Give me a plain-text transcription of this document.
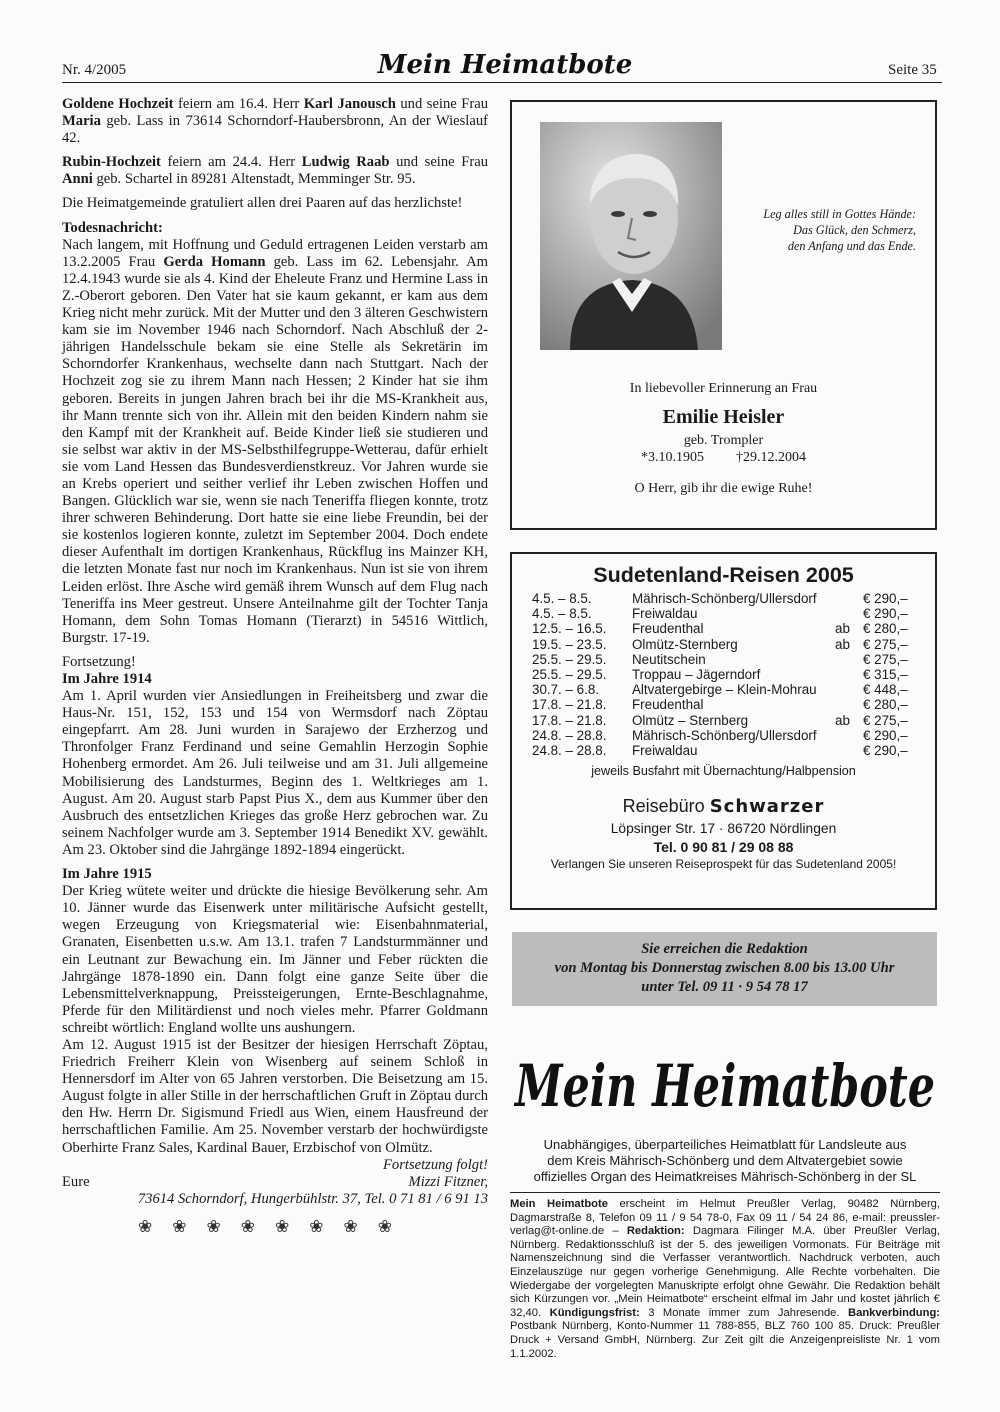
Nr. 4/2005	Mein Heimatbote	Seite 35

Goldene Hochzeit feiern am 16.4. Herr Karl Janousch und seine Frau Maria geb. Lass in 73614 Schorndorf-Haubersbronn, An der Wieslauf 42.

Rubin-Hochzeit feiern am 24.4. Herr Ludwig Raab und seine Frau Anni geb. Schartel in 89281 Altenstadt, Memminger Str. 95.

Die Heimatgemeinde gratuliert allen drei Paaren auf das herzlichste!

Todesnachricht:

Nach langem, mit Hoffnung und Geduld ertragenen Leiden verstarb am 13.2.2005 Frau Gerda Homann geb. Lass im 62. Lebensjahr. Am 12.4.1943 wurde sie als 4. Kind der Eheleute Franz und Hermine Lass in Z.-Oberort geboren. Den Vater hat sie kaum gekannt, er kam aus dem Krieg nicht mehr zurück. Mit der Mutter und den 3 älteren Geschwistern kam sie im November 1946 nach Schorndorf. Nach Abschluß der 2-jährigen Handelsschule bekam sie eine Stelle als Sekretärin im Schorndorfer Krankenhaus, wechselte dann nach Stuttgart. Nach der Hochzeit zog sie zu ihrem Mann nach Hessen; 2 Kinder hat sie ihm geboren. Bereits in jungen Jahren brach bei ihr die MS-Krankheit aus, ihr Mann trennte sich von ihr. Allein mit den beiden Kindern nahm sie den Kampf mit der Krankheit auf. Beide Kinder ließ sie studieren und sie selbst war aktiv in der MS-Selbsthilfegruppe-Wetterau, dafür erhielt sie vom Land Hessen das Bundesverdienstkreuz. Vor Jahren wurde sie an Krebs operiert und seither verlief ihr Leben zwischen Hoffen und Bangen. Glücklich war sie, wenn sie nach Teneriffa fliegen konnte, trotz ihrer schweren Behinderung. Dort hatte sie eine liebe Freundin, bei der sie kostenlos logieren konnte, zuletzt im September 2004. Doch endete dieser Aufenthalt im dortigen Krankenhaus, Rückflug ins Mainzer KH, die letzten Monate fast nur noch im Krankenhaus. Nun ist sie von ihrem Leiden erlöst. Ihre Asche wird gemäß ihrem Wunsch auf dem Flug nach Teneriffa ins Meer gestreut. Unsere Anteilnahme gilt der Tochter Tanja Homann, dem Sohn Tomas Homann (Tierarzt) in 54516 Wittlich, Burgstr. 17-19.

Fortsetzung!

Im Jahre 1914

Am 1. April wurden vier Ansiedlungen in Freiheitsberg und zwar die Haus-Nr. 151, 152, 153 und 154 von Wermsdorf nach Zöptau eingepfarrt. Am 28. Juni wurden in Sarajewo der Erzherzog und Thronfolger Franz Ferdinand und seine Gemahlin Herzogin Sophie Hohenberg ermordet. Am 26. Juli teilweise und am 31. Juli allgemeine Mobilisierung des Landsturmes, Beginn des 1. Weltkrieges am 1. August. Am 20. August starb Papst Pius X., dem aus Kummer über den Ausbruch des entsetzlichen Krieges das große Herz gebrochen war. Zu seinem Nachfolger wurde am 3. September 1914 Benedikt XV. gewählt. Am 23. Oktober sind die Jahrgänge 1892-1894 eingerückt.

Im Jahre 1915

Der Krieg wütete weiter und drückte die hiesige Bevölkerung sehr. Am 10. Jänner wurde das Eisenwerk unter militärische Aufsicht gestellt, wegen Erzeugung von Kriegsmaterial wie: Eisenbahnmaterial, Granaten, Eisenbetten u.s.w. Am 13.1. trafen 7 Landsturmmänner und ein Leutnant zur Bewachung ein. Im Jänner und Feber rückten die Jahrgänge 1878-1890 ein. Dann folgt eine ganze Seite über die Lebensmittelverknappung, Preissteigerungen, Ernte-Beschlagnahme, Pferde für den Militärdienst und noch vieles mehr. Pfarrer Goldmann schreibt wörtlich: England wollte uns aushungern.

Am 12. August 1915 ist der Besitzer der hiesigen Herrschaft Zöptau, Friedrich Freiherr Klein von Wisenberg auf seinem Schloß in Hennersdorf im Alter von 65 Jahren verstorben. Die Beisetzung am 15. August folgte in aller Stille in der herrschaftlichen Gruft in Zöptau durch den Hw. Herrn Dr. Sigismund Friedl aus Wien, einem Hausfreund der herrschaftlichen Familie. Am 25. November verstarb der hochwürdigste Oberhirte Franz Sales, Kardinal Bauer, Erzbischof von Olmütz.

Fortsetzung folgt!
Eure	Mizzi Fitzner,
73614 Schorndorf, Hungerbühlstr. 37, Tel. 0 71 81 / 6 91 13
❀❀❀❀❀❀❀❀
Leg alles still in Gottes Hände:
Das Glück, den Schmerz,
den Anfang und das Ende.
In liebevoller Erinnerung an Frau
Emilie Heisler
geb. Trompler
*3.10.1905 †29.12.2004
O Herr, gib ihr die ewige Ruhe!
Sudetenland-Reisen 2005
4.5. – 8.5.	Mährisch-Schönberg/Ullersdorf		€ 290,–
4.5. – 8.5.	Freiwaldau		€ 290,–
12.5. – 16.5.	Freudenthal	ab	€ 280,–
19.5. – 23.5.	Olmütz-Sternberg	ab	€ 275,–
25.5. – 29.5.	Neutitschein		€ 275,–
25.5. – 29.5.	Troppau – Jägerndorf		€ 315,–
30.7. – 6.8.	Altvatergebirge – Klein-Mohrau		€ 448,–
17.8. – 21.8.	Freudenthal		€ 280,–
17.8. – 21.8.	Olmütz – Sternberg	ab	€ 275,–
24.8. – 28.8.	Mährisch-Schönberg/Ullersdorf		€ 290,–
24.8. – 28.8.	Freiwaldau		€ 290,–
jeweils Busfahrt mit Übernachtung/Halbpension
Reisebüro Schwarzer
Löpsinger Str. 17 · 86720 Nördlingen
Tel. 0 90 81 / 29 08 88
Verlangen Sie unseren Reiseprospekt für das Sudetenland 2005!
Sie erreichen die Redaktion
von Montag bis Donnerstag zwischen 8.00 bis 13.00 Uhr
unter Tel. 09 11 · 9 54 78 17
Mein Heimatbote
Unabhängiges, überparteiliches Heimatblatt für Landsleute aus
dem Kreis Mährisch-Schönberg und dem Altvatergebiet sowie
offizielles Organ des Heimatkreises Mährisch-Schönberg in der SL
Mein Heimatbote erscheint im Helmut Preußler Verlag, 90482 Nürnberg, Dagmarstraße 8, Telefon 09 11 / 9 54 78-0, Fax 09 11 / 54 24 86, e-mail: preussler-verlag@t-online.de – Redaktion: Dagmara Filinger M.A. über Preußler Verlag, Nürnberg. Redaktionsschluß ist der 5. des jeweiligen Vormonats. Für Beiträge mit Namenszeichnung sind die Verfasser verantwortlich. Nachdruck verboten, auch Einzelauszüge nur gegen vorherige Genehmigung. Alle Rechte vorbehalten. Die Wiedergabe der vorgelegten Manuskripte erfolgt ohne Gewähr. Die Redaktion behält sich Kürzungen vor. „Mein Heimatbote“ erscheint elfmal im Jahr und kostet jährlich € 32,40. Kündigungsfrist: 3 Monate immer zum Jahresende. Bankverbindung: Postbank Nürnberg, Konto-Nummer 11 788-855, BLZ 760 100 85. Druck: Preußler Druck + Versand GmbH, Nürnberg. Zur Zeit gilt die Anzeigenpreisliste Nr. 1 vom 1.1.2002.
